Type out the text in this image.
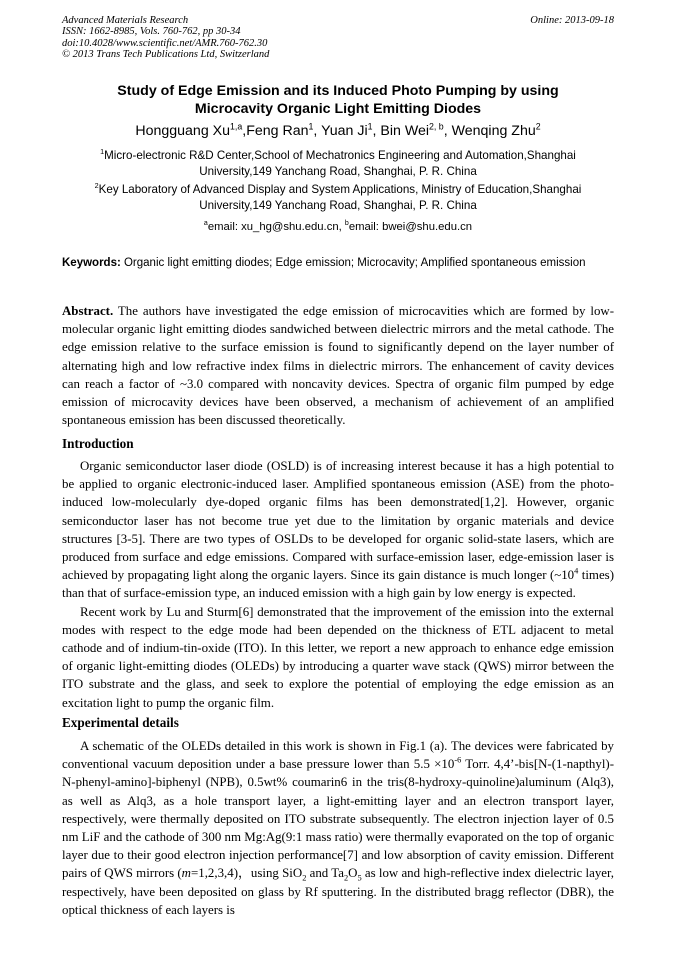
Advanced Materials Research
ISSN: 1662-8985, Vols. 760-762, pp 30-34
doi:10.4028/www.scientific.net/AMR.760-762.30
© 2013 Trans Tech Publications Ltd, Switzerland
Online: 2013-09-18
Study of Edge Emission and its Induced Photo Pumping by using
Microcavity Organic Light Emitting Diodes
Hongguang Xu$^{1,a}$,Feng Ran$^1$, Yuan Ji$^1$, Bin Wei$^{2, b}$, Wenqing Zhu$^2$
$^1$Micro-electronic R&D Center,School of Mechatronics Engineering and Automation,Shanghai
University,149 Yanchang Road, Shanghai, P. R. China
$^2$Key Laboratory of Advanced Display and System Applications, Ministry of Education,Shanghai
University,149 Yanchang Road, Shanghai, P. R. China
$^a$email: xu_hg@shu.edu.cn, $^b$email: bwei@shu.edu.cn
Keywords: Organic light emitting diodes; Edge emission; Microcavity; Amplified spontaneous emission
Abstract. The authors have investigated the edge emission of microcavities which are formed by low-molecular organic light emitting diodes sandwiched between dielectric mirrors and the metal cathode. The edge emission relative to the surface emission is found to significantly depend on the layer number of alternating high and low refractive index films in dielectric mirrors. The enhancement of cavity devices can reach a factor of ~3.0 compared with noncavity devices. Spectra of organic film pumped by edge emission of microcavity devices have been observed, a mechanism of achievement of an amplified spontaneous emission has been discussed theoretically.
Introduction

Organic semiconductor laser diode (OSLD) is of increasing interest because it has a high potential to be applied to organic electronic-induced laser. Amplified spontaneous emission (ASE) from the photo-induced low-molecularly dye-doped organic films has been demonstrated[1,2]. However, organic semiconductor laser has not become true yet due to the limitation by organic materials and device structures [3-5]. There are two types of OSLDs to be developed for organic solid-state lasers, which are produced from surface and edge emissions. Compared with surface-emission laser, edge-emission laser is achieved by propagating light along the organic layers. Since its gain distance is much longer ($\sim 10^4$ times) than that of surface-emission type, an induced emission with a high gain by low energy is expected.

Recent work by Lu and Sturm[6] demonstrated that the improvement of the emission into the external modes with respect to the edge mode had been depended on the thickness of ETL adjacent to metal cathode and of indium-tin-oxide (ITO). In this letter, we report a new approach to enhance edge emission of organic light-emitting diodes (OLEDs) by introducing a quarter wave stack (QWS) mirror between the ITO substrate and the glass, and seek to explore the potential of employing the edge emission as an excitation light to pump the organic film.

Experimental details

A schematic of the OLEDs detailed in this work is shown in Fig.1 (a). The devices were fabricated by conventional vacuum deposition under a base pressure lower than $5.5 \times 10^{-6}$ Torr. 4,4’-bis[N-(1-napthyl)-N-phenyl-amino]-biphenyl (NPB), 0.5wt% coumarin6 in the tris(8-hydroxy-quinoline)aluminum (Alq3), as well as Alq3, as a hole transport layer, a light-emitting layer and an electron transport layer, respectively, were thermally deposited on ITO substrate subsequently. The electron injection layer of 0.5 nm LiF and the cathode of 300 nm Mg:Ag(9:1 mass ratio) were thermally evaporated on the top of organic layer due to their good electron injection performance[7] and low absorption of cavity emission. Different pairs of QWS mirrors (m=1,2,3,4)，using SiO$_2$ and $Ta_2O_5$ as low and high-reflective index dielectric layer, respectively, have been deposited on glass by Rf sputtering. In the distributed bragg reflector (DBR), the optical thickness of each layers is
